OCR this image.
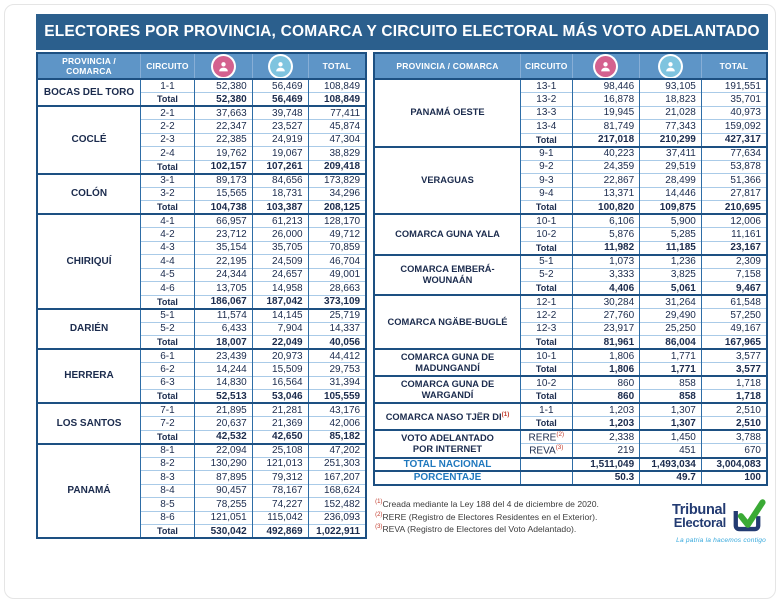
ELECTORES POR PROVINCIA, COMARCA Y CIRCUITO ELECTORAL MÁS VOTO ADELANTADO
PROVINCIA / COMARCA	CIRCUITO			TOTAL
BOCAS DEL TORO	1-1	52,380	56,469	108,849
	Total	52,380	56,469	108,849
COCLÉ	2-1	37,663	39,748	77,411
	2-2	22,347	23,527	45,874
	2-3	22,385	24,919	47,304
	2-4	19,762	19,067	38,829
	Total	102,157	107,261	209,418
COLÓN	3-1	89,173	84,656	173,829
	3-2	15,565	18,731	34,296
	Total	104,738	103,387	208,125
CHIRIQUÍ	4-1	66,957	61,213	128,170
	4-2	23,712	26,000	49,712
	4-3	35,154	35,705	70,859
	4-4	22,195	24,509	46,704
	4-5	24,344	24,657	49,001
	4-6	13,705	14,958	28,663
	Total	186,067	187,042	373,109
DARIÉN	5-1	11,574	14,145	25,719
	5-2	6,433	7,904	14,337
	Total	18,007	22,049	40,056
HERRERA	6-1	23,439	20,973	44,412
	6-2	14,244	15,509	29,753
	6-3	14,830	16,564	31,394
	Total	52,513	53,046	105,559
LOS SANTOS	7-1	21,895	21,281	43,176
	7-2	20,637	21,369	42,006
	Total	42,532	42,650	85,182
PANAMÁ	8-1	22,094	25,108	47,202
	8-2	130,290	121,013	251,303
	8-3	87,895	79,312	167,207
	8-4	90,457	78,167	168,624
	8-5	78,255	74,227	152,482
	8-6	121,051	115,042	236,093
	Total	530,042	492,869	1,022,911
PROVINCIA / COMARCA	CIRCUITO			TOTAL
PANAMÁ OESTE	13-1	98,446	93,105	191,551
	13-2	16,878	18,823	35,701
	13-3	19,945	21,028	40,973
	13-4	81,749	77,343	159,092
	Total	217,018	210,299	427,317
VERAGUAS	9-1	40,223	37,411	77,634
	9-2	24,359	29,519	53,878
	9-3	22,867	28,499	51,366
	9-4	13,371	14,446	27,817
	Total	100,820	109,875	210,695
COMARCA GUNA YALA	10-1	6,106	5,900	12,006
	10-2	5,876	5,285	11,161
	Total	11,982	11,185	23,167
COMARCA EMBERÁ-WOUNAÁN	5-1	1,073	1,236	2,309
	5-2	3,333	3,825	7,158
	Total	4,406	5,061	9,467
COMARCA NGÄBE-BUGLÉ	12-1	30,284	31,264	61,548
	12-2	27,760	29,490	57,250
	12-3	23,917	25,250	49,167
	Total	81,961	86,004	167,965
COMARCA GUNA DE MADUNGANDÍ	10-1	1,806	1,771	3,577
	Total	1,806	1,771	3,577
COMARCA GUNA DE WARGANDÍ	10-2	860	858	1,718
	Total	860	858	1,718
COMARCA NASO TJËR DI$^{(1)}$	1-1	1,203	1,307	2,510
	Total	1,203	1,307	2,510
VOTO ADELANTADO
POR INTERNET	RERE$^{(2)}$	2,338	1,450	3,788
	REVA$^{(3)}$	219	451	670
TOTAL NACIONAL		1,511,049	1,493,034	3,004,083
PORCENTAJE		50.3	49.7	100
$^{(1)}$Creada mediante la Ley 188 del 4 de diciembre de 2020.
$^{(2)}$RERE (Registro de Electores Residentes en el Exterior).
$^{(3)}$REVA (Registro de Electores del Voto Adelantado).
Tribunal
Electoral
La patria la hacemos contigo
